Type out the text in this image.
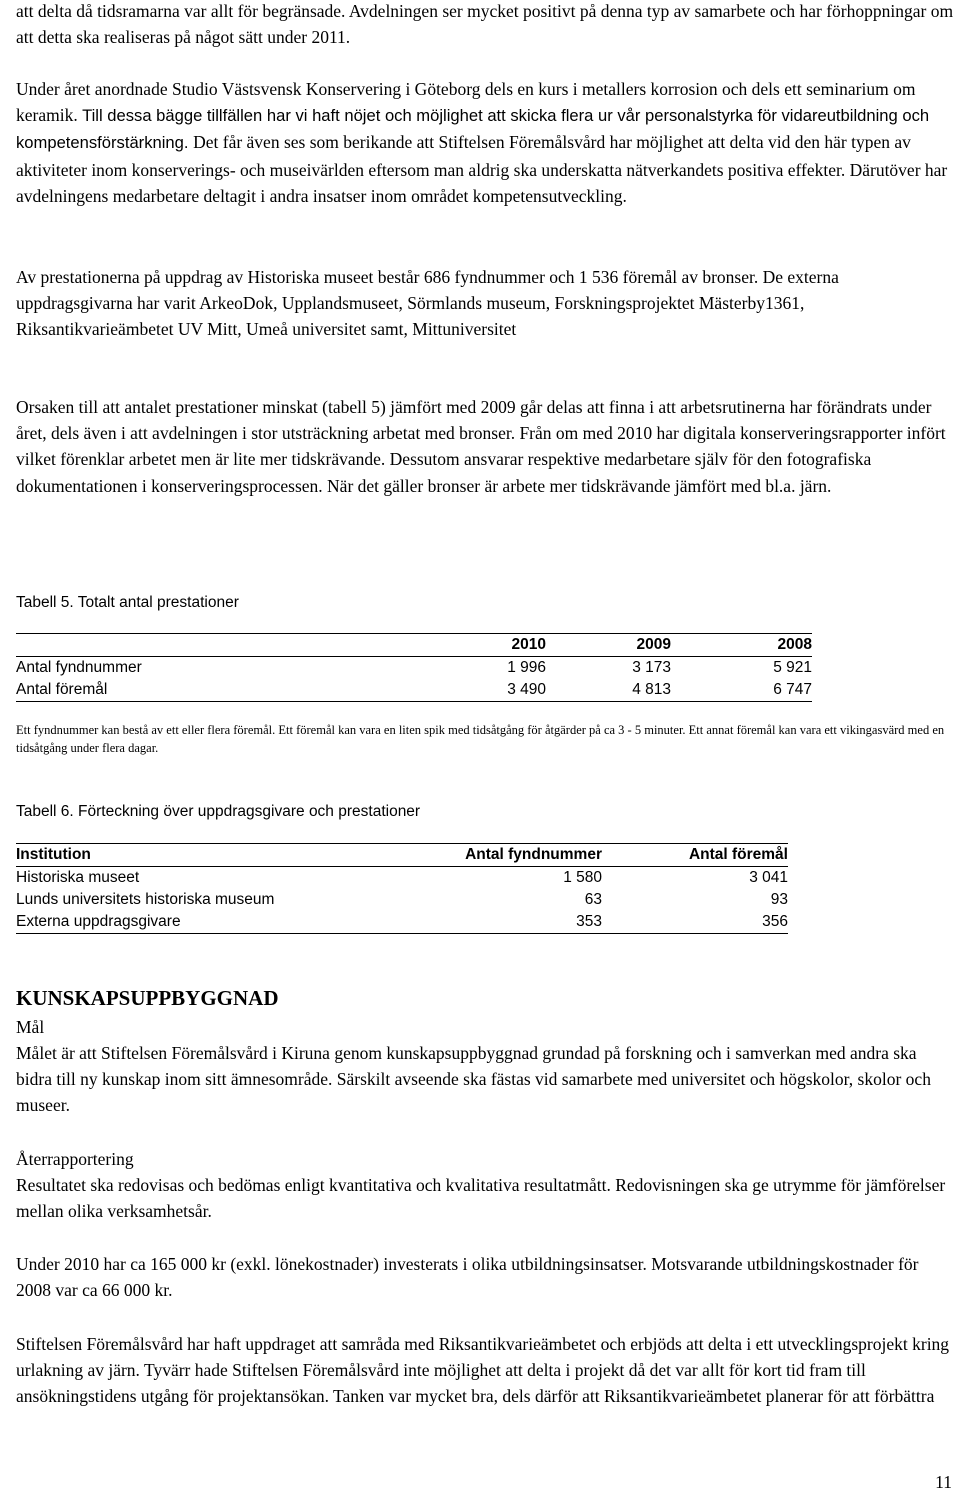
att delta då tidsramarna var allt för begränsade. Avdelningen ser mycket positivt på denna typ av samarbete och har förhoppningar om att detta ska realiseras på något sätt under 2011.

Under året anordnade Studio Västsvensk Konservering i Göteborg dels en kurs i metallers korrosion och dels ett seminarium om keramik. Till dessa bägge tillfällen har vi haft nöjet och möjlighet att skicka flera ur vår personalstyrka för vidareutbildning och kompetensförstärkning. Det får även ses som berikande att Stiftelsen Föremålsvård har möjlighet att delta vid den här typen av aktiviteter inom konserverings- och museivärlden eftersom man aldrig ska underskatta nätverkandets positiva effekter. Därutöver har avdelningens medarbetare deltagit i andra insatser inom området kompetensutveckling.

Av prestationerna på uppdrag av Historiska museet består 686 fyndnummer och 1 536 föremål av bronser. De externa uppdragsgivarna har varit ArkeoDok, Upplandsmuseet, Sörmlands museum, Forskningsprojektet Mästerby1361, Riksantikvarieämbetet UV Mitt, Umeå universitet samt, Mittuniversitet

Orsaken till att antalet prestationer minskat (tabell 5) jämfört med 2009 går delas att finna i att arbetsrutinerna har förändrats under året, dels även i att avdelningen i stor utsträckning arbetat med bronser. Från om med 2010 har digitala konserveringsrapporter infört vilket förenklar arbetet men är lite mer tidskrävande. Dessutom ansvarar respektive medarbetare själv för den fotografiska dokumentationen i konserveringsprocessen. När det gäller bronser är arbete mer tidskrävande jämfört med bl.a. järn.

Tabell 5. Totalt antal prestationer
	2010	2009	2008
Antal fyndnummer	1 996	3 173	5 921
Antal föremål	3 490	4 813	6 747

Ett fyndnummer kan bestå av ett eller flera föremål. Ett föremål kan vara en liten spik med tidsåtgång för åtgärder på ca 3 - 5 minuter. Ett annat föremål kan vara ett vikingasvärd med en tidsåtgång under flera dagar.

Tabell 6. Förteckning över uppdragsgivare och prestationer
Institution	Antal fyndnummer	Antal föremål
Historiska museet	1 580	3 041
Lunds universitets historiska museum	63	93
Externa uppdragsgivare	353	356
KUNSKAPSUPPBYGGNAD

Mål

Målet är att Stiftelsen Föremålsvård i Kiruna genom kunskapsuppbyggnad grundad på forskning och i samverkan med andra ska bidra till ny kunskap inom sitt ämnesområde. Särskilt avseende ska fästas vid samarbete med universitet och högskolor, skolor och museer.

Återrapportering

Resultatet ska redovisas och bedömas enligt kvantitativa och kvalitativa resultatmått. Redovisningen ska ge utrymme för jämförelser mellan olika verksamhetsår.

Under 2010 har ca 165 000 kr (exkl. lönekostnader) investerats i olika utbildningsinsatser. Motsvarande utbildningskostnader för 2008 var ca 66 000 kr.

Stiftelsen Föremålsvård har haft uppdraget att samråda med Riksantikvarieämbetet och erbjöds att delta i ett utvecklingsprojekt kring urlakning av järn. Tyvärr hade Stiftelsen Föremålsvård inte möjlighet att delta i projekt då det var allt för kort tid fram till ansökningstidens utgång för projektansökan. Tanken var mycket bra, dels därför att Riksantikvarieämbetet planerar för att förbättra

11
